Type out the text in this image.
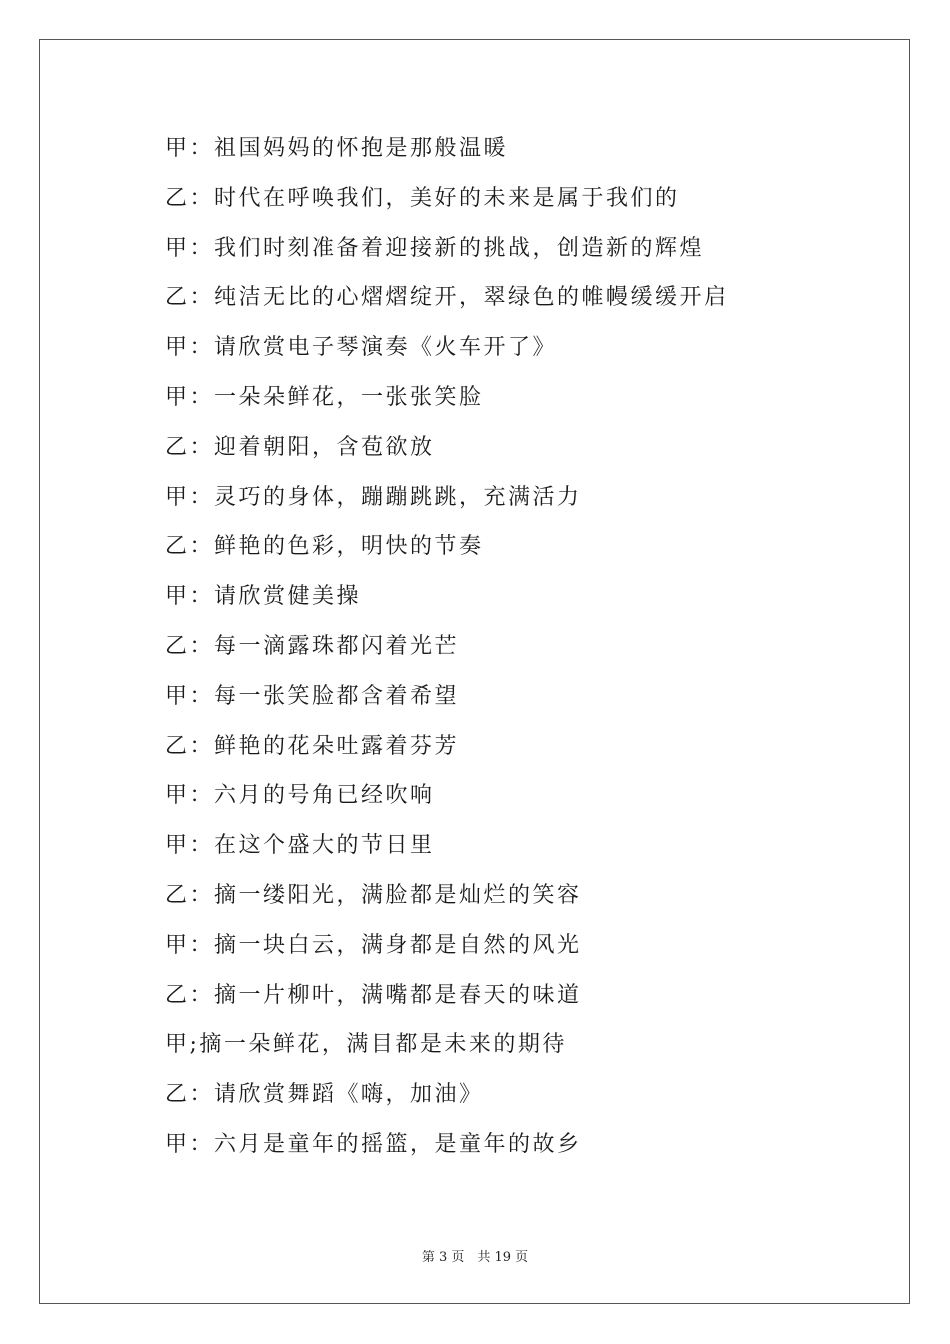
甲：祖国妈妈的怀抱是那般温暖
乙：时代在呼唤我们，美好的未来是属于我们的
甲：我们时刻准备着迎接新的挑战，创造新的辉煌
乙：纯洁无比的心熠熠绽开，翠绿色的帷幔缓缓开启
甲：请欣赏电子琴演奏《火车开了》
甲：一朵朵鲜花，一张张笑脸
乙：迎着朝阳，含苞欲放
甲：灵巧的身体，蹦蹦跳跳，充满活力
乙：鲜艳的色彩，明快的节奏
甲：请欣赏健美操
乙：每一滴露珠都闪着光芒
甲：每一张笑脸都含着希望
乙：鲜艳的花朵吐露着芬芳
甲：六月的号角已经吹响
甲：在这个盛大的节日里
乙：摘一缕阳光，满脸都是灿烂的笑容
甲：摘一块白云，满身都是自然的风光
乙：摘一片柳叶，满嘴都是春天的味道
甲;摘一朵鲜花，满目都是未来的期待
乙：请欣赏舞蹈《嗨，加油》
甲：六月是童年的摇篮，是童年的故乡
第 3 页　共 19 页
